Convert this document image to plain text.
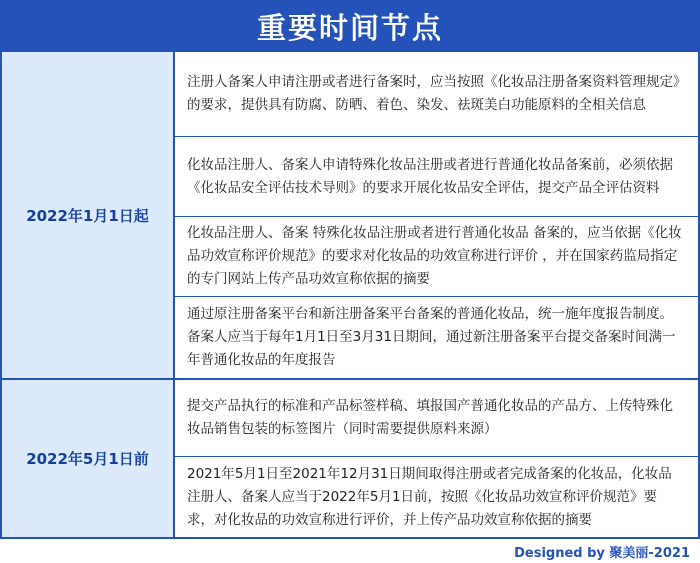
重要时间节点
2022年1月1日起
注册人备案人申请注册或者进行备案时，应当按照《化妆品注册备案资料管理规定》的要求，提供具有防腐、防晒、着色、染发、祛斑美白功能原料的全相关信息
化妆品注册人、备案人申请特殊化妆品注册或者进行普通化妆品备案前，必须依据《化妆品安全评估技术导则》的要求开展化妆品安全评估，提交产品全评估资料
化妆品注册人、备案 特殊化妆品注册或者进行普通化妆品 备案的，应当依据《化妆品功效宣称评价规范》的要求对化妆品的功效宣称进行评价 ，并在国家药监局指定的专门网站上传产品功效宣称依据的摘要
通过原注册备案平台和新注册备案平台备案的普通化妆品，统一施年度报告制度。备案人应当于每年1月1日至3月31日期间，通过新注册备案平台提交备案时间满一年普通化妆品的年度报告
2022年5月1日前
提交产品执行的标准和产品标签样稿、填报国产普通化妆品的产品方、上传特殊化妆品销售包装的标签图片（同时需要提供原料来源）
2021年5月1日至2021年12月31日期间取得注册或者完成备案的化妆品，化妆品注册人、备案人应当于2022年5月1日前，按照《化妆品功效宣称评价规范》要求，对化妆品的功效宣称进行评价，并上传产品功效宣称依据的摘要
Designed by 聚美丽-2021
